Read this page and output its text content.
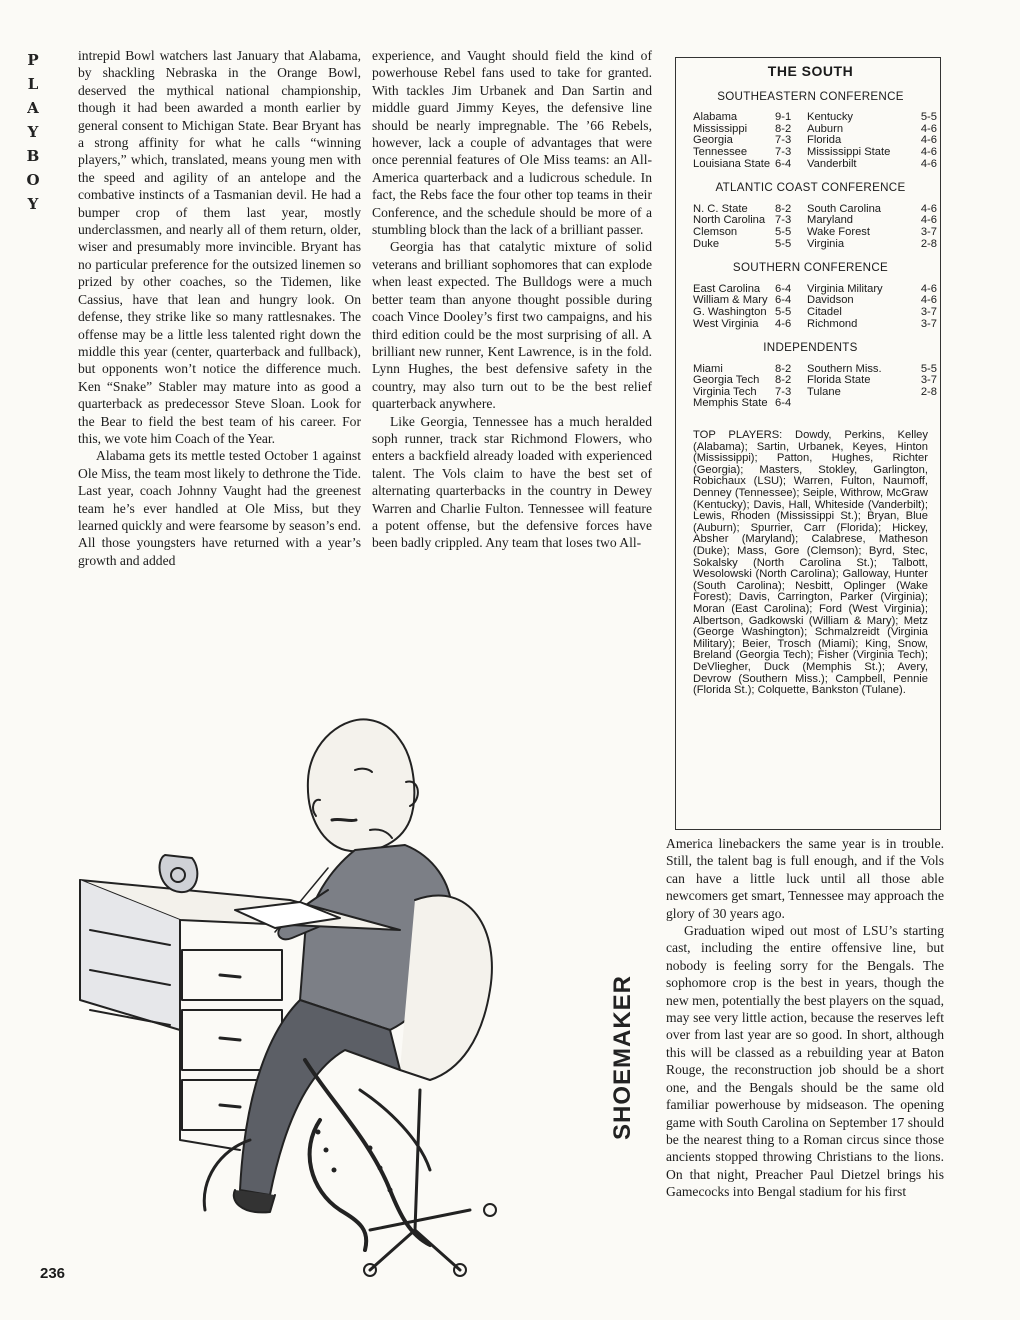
P
L
A
Y
B
O
Y

intrepid Bowl watchers last January that Alabama, by shackling Nebraska in the Orange Bowl, deserved the mythical national championship, though it had been awarded a month earlier by general consent to Michigan State. Bear Bryant has a strong affinity for what he calls “winning players,” which, translated, means young men with the speed and agility of an antelope and the combative instincts of a Tasmanian devil. He had a bumper crop of them last year, mostly underclassmen, and nearly all of them return, older, wiser and presumably more invincible. Bryant has no particular preference for the outsized linemen so prized by other coaches, so the Tidemen, like Cassius, have that lean and hungry look. On defense, they strike like so many rattlesnakes. The offense may be a little less talented right down the middle this year (center, quarterback and fullback), but opponents won’t notice the difference much. Ken “Snake” Stabler may mature into as good a quarterback as predecessor Steve Sloan. Look for the Bear to field the best team of his career. For this, we vote him Coach of the Year.

Alabama gets its mettle tested October 1 against Ole Miss, the team most likely to dethrone the Tide. Last year, coach Johnny Vaught had the greenest team he’s ever handled at Ole Miss, but they learned quickly and were fearsome by season’s end. All those youngsters have returned with a year’s growth and added

experience, and Vaught should field the kind of powerhouse Rebel fans used to take for granted. With tackles Jim Urbanek and Dan Sartin and middle guard Jimmy Keyes, the defensive line should be nearly impregnable. The ’66 Rebels, however, lack a couple of advantages that were once perennial features of Ole Miss teams: an All-America quarterback and a ludicrous schedule. In fact, the Rebs face the four other top teams in their Conference, and the schedule should be more of a stumbling block than the lack of a brilliant passer.

Georgia has that catalytic mixture of solid veterans and brilliant sophomores that can explode when least expected. The Bulldogs were a much better team than anyone thought possible during coach Vince Dooley’s first two campaigns, and his third edition could be the most surprising of all. A brilliant new runner, Kent Lawrence, is in the fold. Lynn Hughes, the best defensive safety in the country, may also turn out to be the best relief quarterback anywhere.

Like Georgia, Tennessee has a much heralded soph runner, track star Richmond Flowers, who enters a backfield already loaded with experienced talent. The Vols claim to have the best set of alternating quarterbacks in the country in Dewey Warren and Charlie Fulton. Tennessee will feature a potent offense, but the defensive forces have been badly crippled. Any team that loses two All-

THE SOUTH
SOUTHEASTERN CONFERENCE
Alabama	9-1	Kentucky	5-5
Mississippi	8-2	Auburn	4-6
Georgia	7-3	Florida	4-6
Tennessee	7-3	Mississippi State	4-6
Louisiana State	6-4	Vanderbilt	4-6
ATLANTIC COAST CONFERENCE
N. C. State	8-2	South Carolina	4-6
North Carolina	7-3	Maryland	4-6
Clemson	5-5	Wake Forest	3-7
Duke	5-5	Virginia	2-8
SOUTHERN CONFERENCE
East Carolina	6-4	Virginia Military	4-6
William & Mary	6-4	Davidson	4-6
G. Washington	5-5	Citadel	3-7
West Virginia	4-6	Richmond	3-7
INDEPENDENTS
Miami	8-2	Southern Miss.	5-5
Georgia Tech	8-2	Florida State	3-7
Virginia Tech	7-3	Tulane	2-8
Memphis State	6-4		
TOP PLAYERS: Dowdy, Perkins, Kelley (Alabama); Sartin, Urbanek, Keyes, Hinton (Mississippi); Patton, Hughes, Richter (Georgia); Masters, Stokley, Garlington, Robichaux (LSU); Warren, Fulton, Naumoff, Denney (Tennessee); Seiple, Withrow, McGraw (Kentucky); Davis, Hall, Whiteside (Vanderbilt); Lewis, Rhoden (Mississippi St.); Bryan, Blue (Auburn); Spurrier, Carr (Florida); Hickey, Absher (Maryland); Calabrese, Matheson (Duke); Mass, Gore (Clemson); Byrd, Stec, Sokalsky (North Carolina St.); Talbott, Wesolowski (North Carolina); Galloway, Hunter (South Carolina); Nesbitt, Oplinger (Wake Forest); Davis, Carrington, Parker (Virginia); Moran (East Carolina); Ford (West Virginia); Albertson, Gadkowski (William & Mary); Metz (George Washington); Schmalzreidt (Virginia Military); Beier, Trosch (Miami); King, Snow, Breland (Georgia Tech); Fisher (Virginia Tech); DeVliegher, Duck (Memphis St.); Avery, Devrow (Southern Miss.); Campbell, Pennie (Florida St.); Colquette, Bankston (Tulane).

America linebackers the same year is in trouble. Still, the talent bag is full enough, and if the Vols can have a little luck until all those able newcomers get smart, Tennessee may approach the glory of 30 years ago.

Graduation wiped out most of LSU’s starting cast, including the entire offensive line, but nobody is feeling sorry for the Bengals. The sophomore crop is the best in years, though the new men, potentially the best players on the squad, may see very little action, because the reserves left over from last year are so good. In short, although this will be classed as a rebuilding year at Baton Rouge, the reconstruction job should be a short one, and the Bengals should be the same old familiar powerhouse by midseason. The opening game with South Carolina on September 17 should be the nearest thing to a Roman circus since those ancients stopped throwing Christians to the lions. On that night, Preacher Paul Dietzel brings his Gamecocks into Bengal stadium for his first

SHOEMAKER
236
